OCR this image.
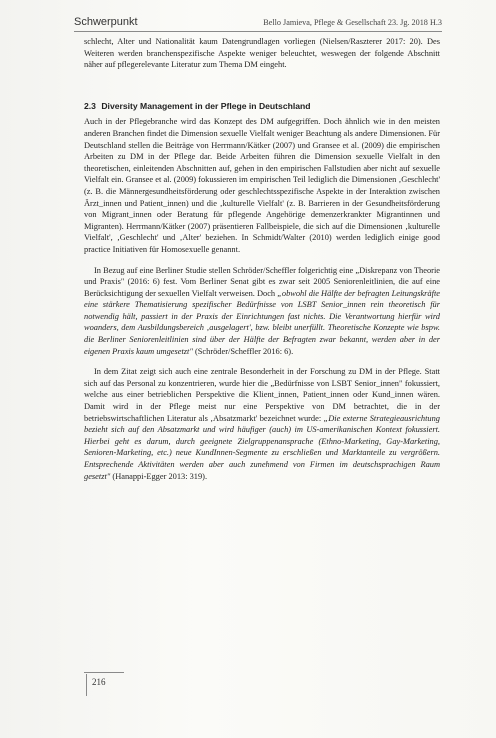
Schwerpunkt	Bello Jamieva, Pflege & Gesellschaft 23. Jg. 2018 H.3

schlecht, Alter und Nationalität kaum Datengrundlagen vorliegen (Nielsen/Raszterer 2017: 20). Des Weiteren werden branchenspezifische Aspekte weniger beleuchtet, weswegen der folgende Abschnitt näher auf pflegerelevante Literatur zum Thema DM eingeht.

2.3 Diversity Management in der Pflege in Deutschland

Auch in der Pflegebranche wird das Konzept des DM aufgegriffen. Doch ähnlich wie in den meisten anderen Branchen findet die Dimension sexuelle Vielfalt weniger Beachtung als andere Dimensionen. Für Deutschland stellen die Beiträge von Herrmann/Kätker (2007) und Gransee et al. (2009) die empirischen Arbeiten zu DM in der Pflege dar. Beide Arbeiten führen die Dimension sexuelle Vielfalt in den theoretischen, einleitenden Abschnitten auf, gehen in den empirischen Fallstudien aber nicht auf sexuelle Vielfalt ein. Gransee et al. (2009) fokussieren im empirischen Teil lediglich die Dimensionen ‚Geschlecht' (z. B. die Männergesundheitsförderung oder geschlechtsspezifische Aspekte in der Interaktion zwischen Ärzt_innen und Patient_innen) und die ‚kulturelle Vielfalt' (z. B. Barrieren in der Gesundheitsförderung von Migrant_innen oder Beratung für pflegende Angehörige demenzerkrankter Migrantinnen und Migranten). Herrmann/Kätker (2007) präsentieren Fallbeispiele, die sich auf die Dimensionen ‚kulturelle Vielfalt', ‚Geschlecht' und ‚Alter' beziehen. In Schmidt/Walter (2010) werden lediglich einige good practice Initiativen für Homosexuelle genannt.

In Bezug auf eine Berliner Studie stellen Schröder/Scheffler folgerichtig eine „Diskrepanz von Theorie und Praxis" (2016: 6) fest. Vom Berliner Senat gibt es zwar seit 2005 Seniorenleitlinien, die auf eine Berücksichtigung der sexuellen Vielfalt verweisen. Doch „obwohl die Hälfte der befragten Leitungskräfte eine stärkere Thematisierung spezifischer Bedürfnisse von LSBT Senior_innen rein theoretisch für notwendig hält, passiert in der Praxis der Einrichtungen fast nichts. Die Verantwortung hierfür wird woanders, dem Ausbildungsbereich ‚ausgelagert', bzw. bleibt unerfüllt. Theoretische Konzepte wie bspw. die Berliner Seniorenleitlinien sind über der Hälfte der Befragten zwar bekannt, werden aber in der eigenen Praxis kaum umgesetzt" (Schröder/Scheffler 2016: 6).

In dem Zitat zeigt sich auch eine zentrale Besonderheit in der Forschung zu DM in der Pflege. Statt sich auf das Personal zu konzentrieren, wurde hier die „Bedürfnisse von LSBT Senior_innen" fokussiert, welche aus einer betrieblichen Perspektive die Klient_innen, Patient_innen oder Kund_innen wären. Damit wird in der Pflege meist nur eine Perspektive von DM betrachtet, die in der betriebswirtschaftlichen Literatur als ‚Absatzmarkt' bezeichnet wurde: „Die externe Strategieausrichtung bezieht sich auf den Absatzmarkt und wird häufiger (auch) im US-amerikanischen Kontext fokussiert. Hierbei geht es darum, durch geeignete Zielgruppenansprache (Ethno-Marketing, Gay-Marketing, Senioren-Marketing, etc.) neue KundInnen-Segmente zu erschließen und Marktanteile zu vergrößern. Entsprechende Aktivitäten werden aber auch zunehmend von Firmen im deutschsprachigen Raum gesetzt" (Hanappi-Egger 2013: 319).

216
